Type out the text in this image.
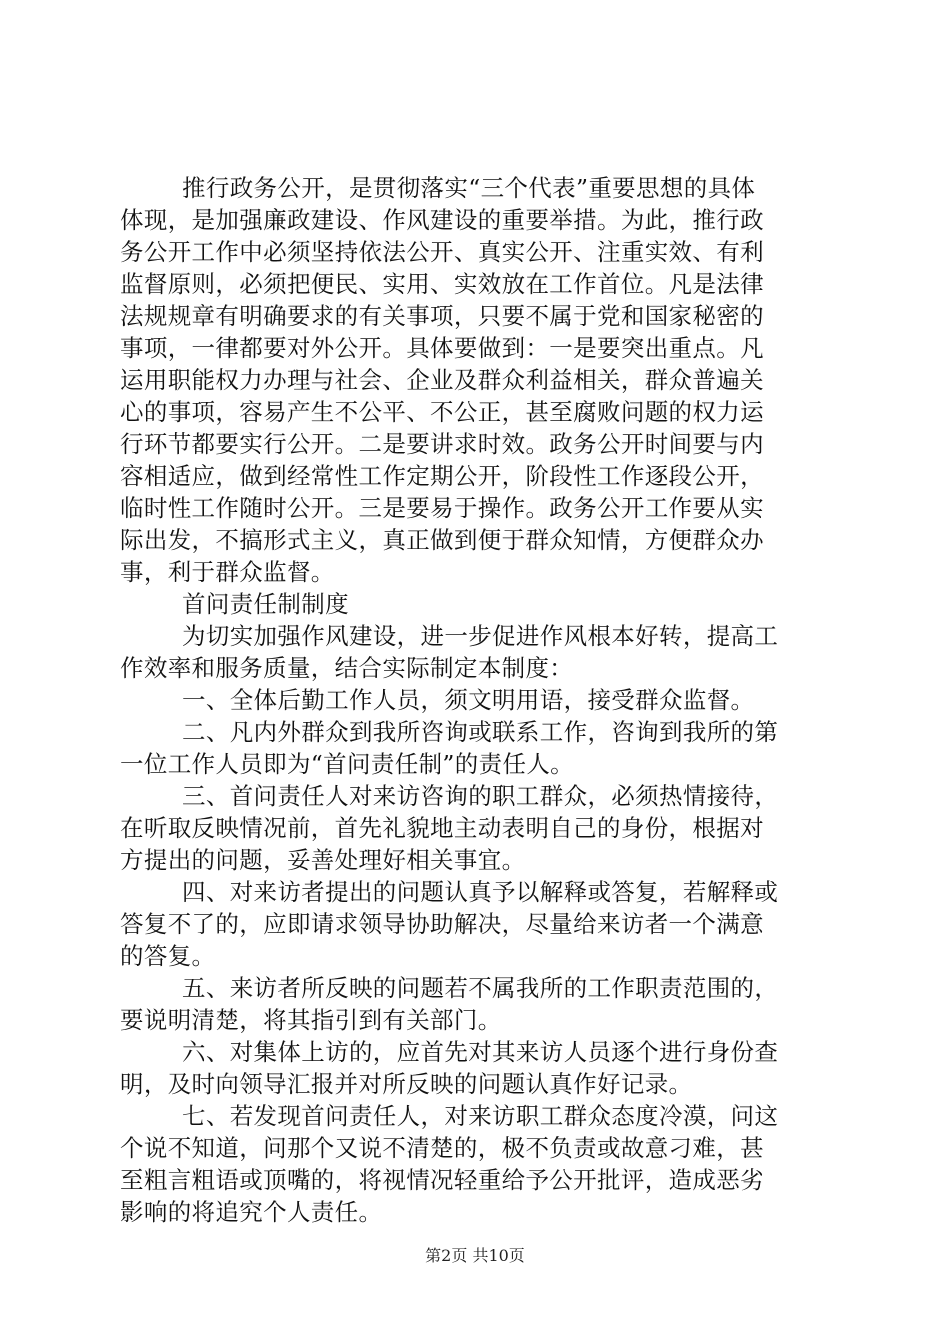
推行政务公开，是贯彻落实“三个代表”重要思想的具体
体现，是加强廉政建设、作风建设的重要举措。为此，推行政
务公开工作中必须坚持依法公开、真实公开、注重实效、有利
监督原则，必须把便民、实用、实效放在工作首位。凡是法律
法规规章有明确要求的有关事项，只要不属于党和国家秘密的
事项，一律都要对外公开。具体要做到：一是要突出重点。凡
运用职能权力办理与社会、企业及群众利益相关，群众普遍关
心的事项，容易产生不公平、不公正，甚至腐败问题的权力运
行环节都要实行公开。二是要讲求时效。政务公开时间要与内
容相适应，做到经常性工作定期公开，阶段性工作逐段公开，
临时性工作随时公开。三是要易于操作。政务公开工作要从实
际出发，不搞形式主义，真正做到便于群众知情，方便群众办
事，利于群众监督。
首问责任制制度
为切实加强作风建设，进一步促进作风根本好转，提高工
作效率和服务质量，结合实际制定本制度：
一、全体后勤工作人员，须文明用语，接受群众监督。
二、凡内外群众到我所咨询或联系工作，咨询到我所的第
一位工作人员即为“首问责任制”的责任人。
三、首问责任人对来访咨询的职工群众，必须热情接待，
在听取反映情况前，首先礼貌地主动表明自己的身份，根据对
方提出的问题，妥善处理好相关事宜。
四、对来访者提出的问题认真予以解释或答复，若解释或
答复不了的，应即请求领导协助解决，尽量给来访者一个满意
的答复。
五、来访者所反映的问题若不属我所的工作职责范围的，
要说明清楚，将其指引到有关部门。
六、对集体上访的，应首先对其来访人员逐个进行身份查
明，及时向领导汇报并对所反映的问题认真作好记录。
七、若发现首问责任人，对来访职工群众态度冷漠，问这
个说不知道，问那个又说不清楚的，极不负责或故意刁难，甚
至粗言粗语或顶嘴的，将视情况轻重给予公开批评，造成恶劣
影响的将追究个人责任。
第2页 共10页
